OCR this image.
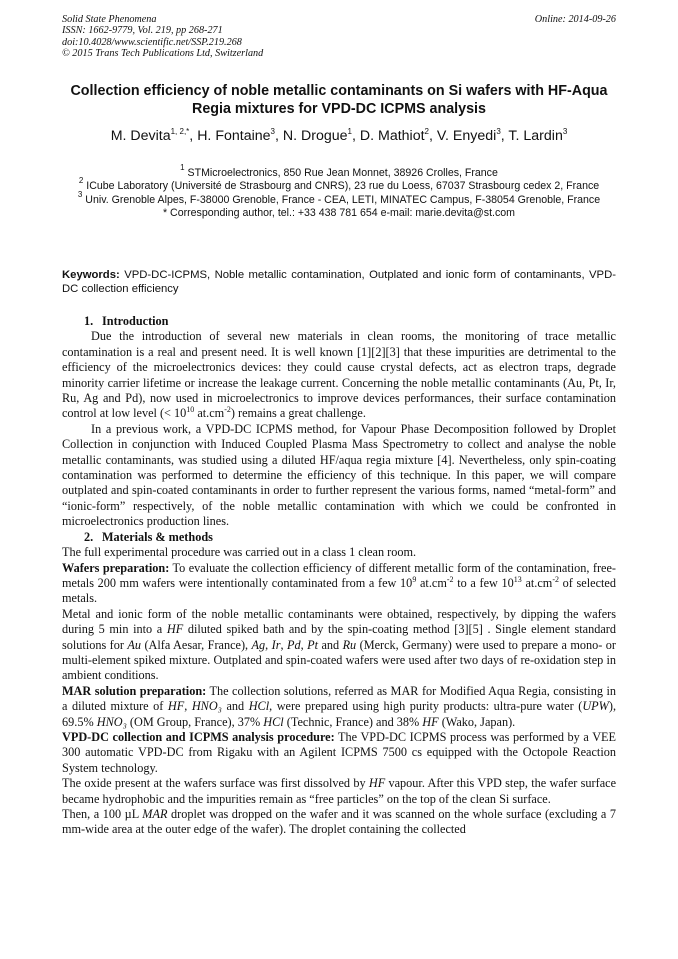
Solid State Phenomena
ISSN: 1662-9779, Vol. 219, pp 268-271
doi:10.4028/www.scientific.net/SSP.219.268
© 2015 Trans Tech Publications Ltd, Switzerland
Online: 2014-09-26
Collection efficiency of noble metallic contaminants on Si wafers with HF-Aqua Regia mixtures for VPD-DC ICPMS analysis
M. Devita$^{1, 2,*}$, H. Fontaine$^3$, N. Drogue$^1$, D. Mathiot$^2$, V. Enyedi$^3$, T. Lardin$^3$

$^1$ STMicroelectronics, 850 Rue Jean Monnet, 38926 Crolles, France

$^2$ ICube Laboratory (Université de Strasbourg and CNRS), 23 rue du Loess, 67037 Strasbourg cedex 2, France

$^3$ Univ. Grenoble Alpes, F-38000 Grenoble, France - CEA, LETI, MINATEC Campus, F-38054 Grenoble, France

* Corresponding author, tel.: +33 438 781 654 e-mail: marie.devita@st.com

Keywords: VPD-DC-ICPMS, Noble metallic contamination, Outplated and ionic form of contaminants, VPD-DC collection efficiency

1. Introduction

Due the introduction of several new materials in clean rooms, the monitoring of trace metallic contamination is a real and present need. It is well known [1][2][3] that these impurities are detrimental to the efficiency of the microelectronics devices: they could cause crystal defects, act as electron traps, degrade minority carrier lifetime or increase the leakage current. Concerning the noble metallic contaminants (Au, Pt, Ir, Ru, Ag and Pd), now used in microelectronics to improve devices performances, their surface contamination control at low level (< $10^{10}$ $at.cm^{-2}$) remains a great challenge.

In a previous work, a VPD-DC ICPMS method, for Vapour Phase Decomposition followed by Droplet Collection in conjunction with Induced Coupled Plasma Mass Spectrometry to collect and analyse the noble metallic contaminants, was studied using a diluted HF/aqua regia mixture [4]. Nevertheless, only spin-coating contamination was performed to determine the efficiency of this technique. In this paper, we will compare outplated and spin-coated contaminants in order to further represent the various forms, named “metal-form” and “ionic-form” respectively, of the noble metallic contamination with which we could be confronted in microelectronics production lines.

2. Materials & methods

The full experimental procedure was carried out in a class 1 clean room.

Wafers preparation: To evaluate the collection efficiency of different metallic form of the contamination, free-metals 200 mm wafers were intentionally contaminated from a few $10^9$ $at.cm^{-2}$ to a few $10^{13}$ $at.cm^{-2}$ of selected metals.

Metal and ionic form of the noble metallic contaminants were obtained, respectively, by dipping the wafers during 5 min into a HF diluted spiked bath and by the spin-coating method [3][5] . Single element standard solutions for Au (Alfa Aesar, France), Ag, Ir, Pd, Pt and Ru (Merck, Germany) were used to prepare a mono- or multi-element spiked mixture. Outplated and spin-coated wafers were used after two days of re-oxidation step in ambient conditions.

MAR solution preparation: The collection solutions, referred as MAR for Modified Aqua Regia, consisting in a diluted mixture of HF, HNO₃ and HCl, were prepared using high purity products: ultra-pure water (UPW), 69.5% HNO₃ (OM Group, France), 37% HCl (Technic, France) and 38% HF (Wako, Japan).

VPD-DC collection and ICPMS analysis procedure: The VPD-DC ICPMS process was performed by a VEE 300 automatic VPD-DC from Rigaku with an Agilent ICPMS 7500 cs equipped with the Octopole Reaction System technology.

The oxide present at the wafers surface was first dissolved by HF vapour. After this VPD step, the wafer surface became hydrophobic and the impurities remain as “free particles” on the top of the clean Si surface.

Then, a 100 µL MAR droplet was dropped on the wafer and it was scanned on the whole surface (excluding a 7 mm-wide area at the outer edge of the wafer). The droplet containing the collected
